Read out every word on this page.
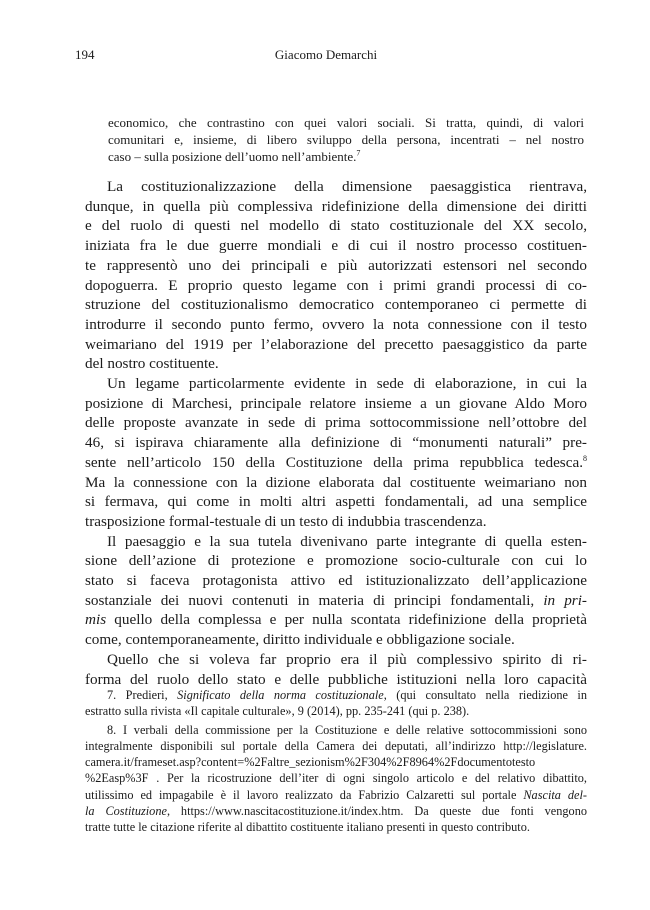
194	Giacomo Demarchi
economico, che contrastino con quei valori sociali. Si tratta, quindi, di valori
comunitari e, insieme, di libero sviluppo della persona, incentrati – nel nostro
caso – sulla posizione dell’uomo nell’ambiente.$^7$
La costituzionalizzazione della dimensione paesaggistica rientrava,
dunque, in quella più complessiva ridefinizione della dimensione dei diritti
e del ruolo di questi nel modello di stato costituzionale del XX secolo,
iniziata fra le due guerre mondiali e di cui il nostro processo costituen-
te rappresentò uno dei principali e più autorizzati estensori nel secondo
dopoguerra. E proprio questo legame con i primi grandi processi di co-
struzione del costituzionalismo democratico contemporaneo ci permette di
introdurre il secondo punto fermo, ovvero la nota connessione con il testo
weimariano del 1919 per l’elaborazione del precetto paesaggistico da parte
del nostro costituente.
Un legame particolarmente evidente in sede di elaborazione, in cui la
posizione di Marchesi, principale relatore insieme a un giovane Aldo Moro
delle proposte avanzate in sede di prima sottocommissione nell’ottobre del
46, si ispirava chiaramente alla definizione di “monumenti naturali” pre-
sente nell’articolo 150 della Costituzione della prima repubblica tedesca.$^8$
Ma la connessione con la dizione elaborata dal costituente weimariano non
si fermava, qui come in molti altri aspetti fondamentali, ad una semplice
trasposizione formal-testuale di un testo di indubbia trascendenza.
Il paesaggio e la sua tutela divenivano parte integrante di quella esten-
sione dell’azione di protezione e promozione socio-culturale con cui lo
stato si faceva protagonista attivo ed istituzionalizzato dell’applicazione
sostanziale dei nuovi contenuti in materia di principi fondamentali, in pri-
mis quello della complessa e per nulla scontata ridefinizione della proprietà
come, contemporaneamente, diritto individuale e obbligazione sociale.
Quello che si voleva far proprio era il più complessivo spirito di ri-
forma del ruolo dello stato e delle pubbliche istituzioni nella loro capacità
7. Predieri, Significato della norma costituzionale, (qui consultato nella riedizione in
estratto sulla rivista «Il capitale culturale», 9 (2014), pp. 235-241 (qui p. 238).
8. I verbali della commissione per la Costituzione e delle relative sottocommissioni sono
integralmente disponibili sul portale della Camera dei deputati, all’indirizzo http://legislature.
camera.it/frameset.asp?content=%2Faltre_sezionism%2F304%2F8964%2Fdocumentotesto
%2Easp%3F . Per la ricostruzione dell’iter di ogni singolo articolo e del relativo dibattito,
utilissimo ed impagabile è il lavoro realizzato da Fabrizio Calzaretti sul portale Nascita del-
la Costituzione, https://www.nascitacostituzione.it/index.htm. Da queste due fonti vengono
tratte tutte le citazione riferite al dibattito costituente italiano presenti in questo contributo.
